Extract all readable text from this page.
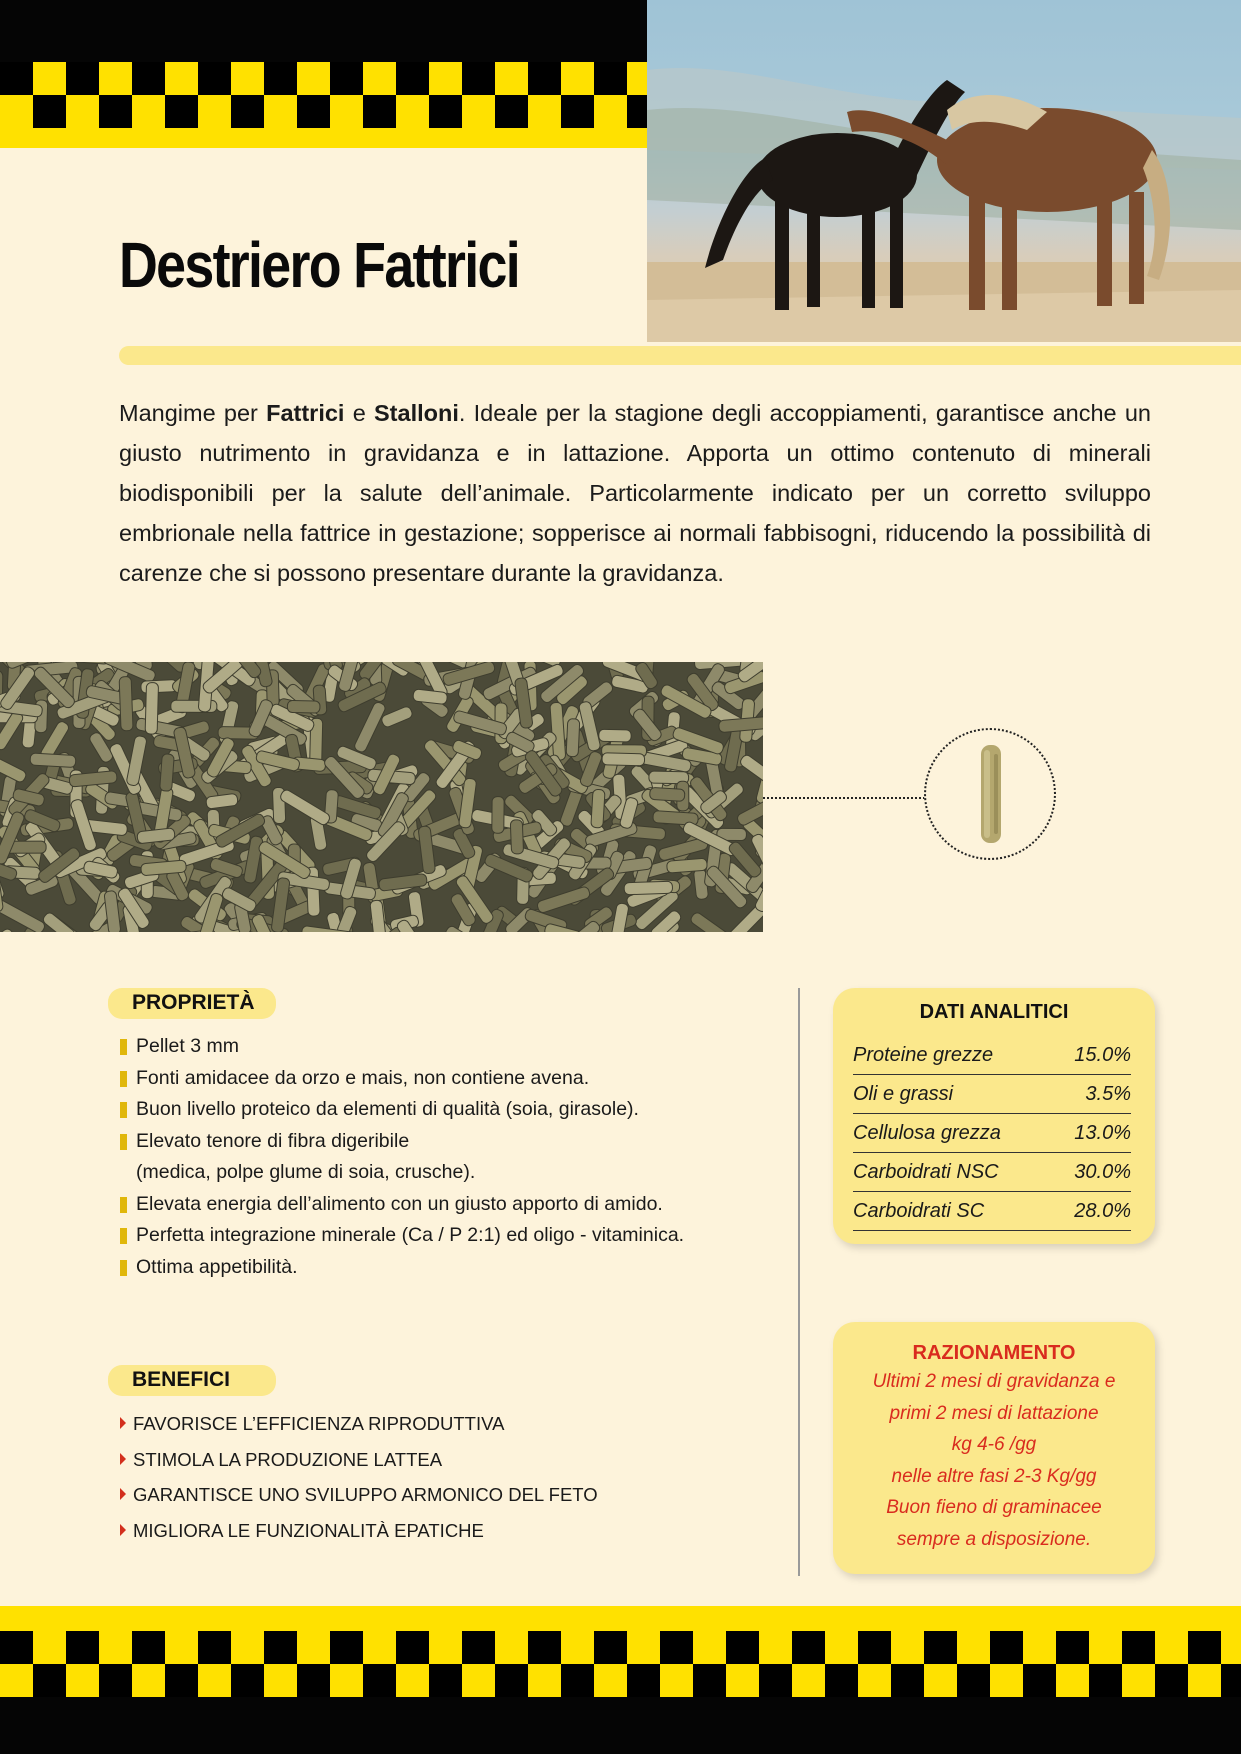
Destriero Fattrici
Mangime per Fattrici e Stalloni. Ideale per la stagione degli accoppiamenti, garantisce anche un giusto nutrimento in gravidanza e in lattazione. Apporta un ottimo contenuto di minerali biodisponibili per la salute dell’animale. Particolarmente indicato per un corretto sviluppo embrionale nella fattrice in gestazione; sopperisce ai normali fabbisogni, riducendo la possibilità di carenze che si possono presentare durante la gravidanza.
PROPRIETÀ
Pellet 3 mm
Fonti amidacee da orzo e mais, non contiene avena.
Buon livello proteico da elementi di qualità (soia, girasole).
Elevato tenore di fibra digeribile
(medica, polpe glume di soia, crusche).
Elevata energia dell’alimento con un giusto apporto di amido.
Perfetta integrazione minerale (Ca / P 2:1) ed oligo - vitaminica.
Ottima appetibilità.
BENEFICI
FAVORISCE L’EFFICIENZA RIPRODUTTIVA
STIMOLA LA PRODUZIONE LATTEA
GARANTISCE UNO SVILUPPO ARMONICO DEL FETO
MIGLIORA LE FUNZIONALITÀ EPATICHE
DATI ANALITICI
Proteine grezze	15.0%
Oli e grassi	3.5%
Cellulosa grezza	13.0%
Carboidrati NSC	30.0%
Carboidrati SC	28.0%
RAZIONAMENTO
Ultimi 2 mesi di gravidanza e
primi 2 mesi di lattazione
kg 4-6 /gg
nelle altre fasi 2-3 Kg/gg
Buon fieno di graminacee
sempre a disposizione.
